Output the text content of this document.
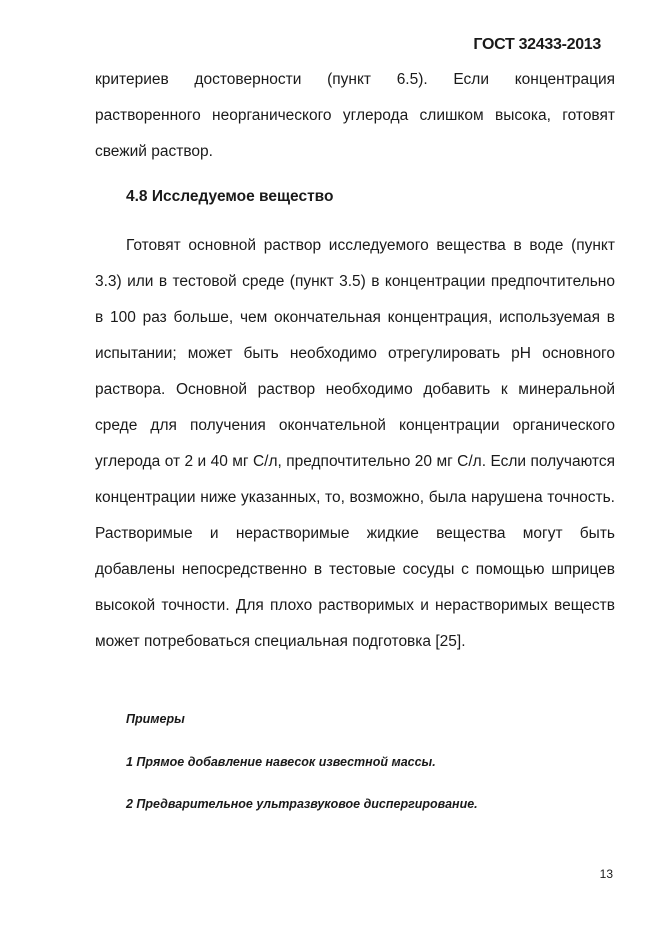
ГОСТ 32433-2013
критериев достоверности (пункт 6.5). Если концентрация растворенного неорганического углерода слишком высока, готовят свежий раствор.
4.8 Исследуемое вещество
Готовят основной раствор исследуемого вещества в воде (пункт 3.3) или в тестовой среде (пункт 3.5) в концентрации предпочтительно в 100 раз больше, чем окончательная концентрация, используемая в испытании; может быть необходимо отрегулировать рН основного раствора. Основной раствор необходимо добавить к минеральной среде для получения окончательной концентрации органического углерода от 2 и 40 мг С/л, предпочтительно 20 мг С/л. Если получаются концентрации ниже указанных, то, возможно, была нарушена точность. Растворимые и нерастворимые жидкие вещества могут быть добавлены непосредственно в тестовые сосуды с помощью шприцев высокой точности. Для плохо растворимых и нерастворимых веществ может потребоваться специальная подготовка [25].
Примеры
1 Прямое добавление навесок известной массы.
2 Предварительное ультразвуковое диспергирование.
13
